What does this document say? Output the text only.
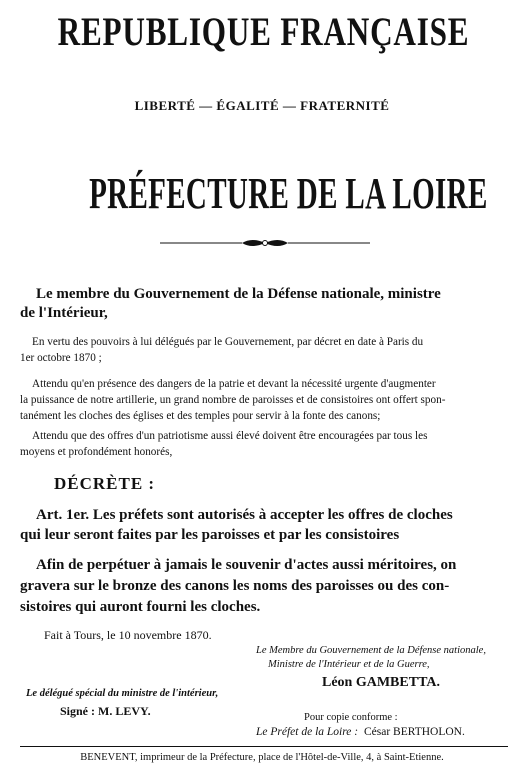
REPUBLIQUE FRANÇAISE
LIBERTÉ — ÉGALITÉ — FRATERNITÉ
PRÉFECTURE DE LA LOIRE
Le membre du Gouvernement de la Défense nationale, ministre
de l'Intérieur,
En vertu des pouvoirs à lui délégués par le Gouvernement, par décret en date à Paris du
1er octobre 1870 ;
Attendu qu'en présence des dangers de la patrie et devant la nécessité urgente d'augmenter
la puissance de notre artillerie, un grand nombre de paroisses et de consistoires ont offert spon-
tanément les cloches des églises et des temples pour servir à la fonte des canons;
Attendu que des offres d'un patriotisme aussi élevé doivent être encouragées par tous les
moyens et profondément honorés,
DÉCRÈTE :
Art. 1er. Les préfets sont autorisés à accepter les offres de cloches
qui leur seront faites par les paroisses et par les consistoires
Afin de perpétuer à jamais le souvenir d'actes aussi méritoires, on
gravera sur le bronze des canons les noms des paroisses ou des con-
sistoires qui auront fourni les cloches.
Fait à Tours, le 10 novembre 1870.
Le Membre du Gouvernement de la Défense nationale,
Ministre de l'Intérieur et de la Guerre,
Léon GAMBETTA.
Le délégué spécial du ministre de l'intérieur,
Signé : M. LEVY.	Pour copie conforme :
Le Préfet de la Loire : César BERTHOLON.
BENEVENT, imprimeur de la Préfecture, place de l'Hôtel-de-Ville, 4, à Saint-Etienne.
